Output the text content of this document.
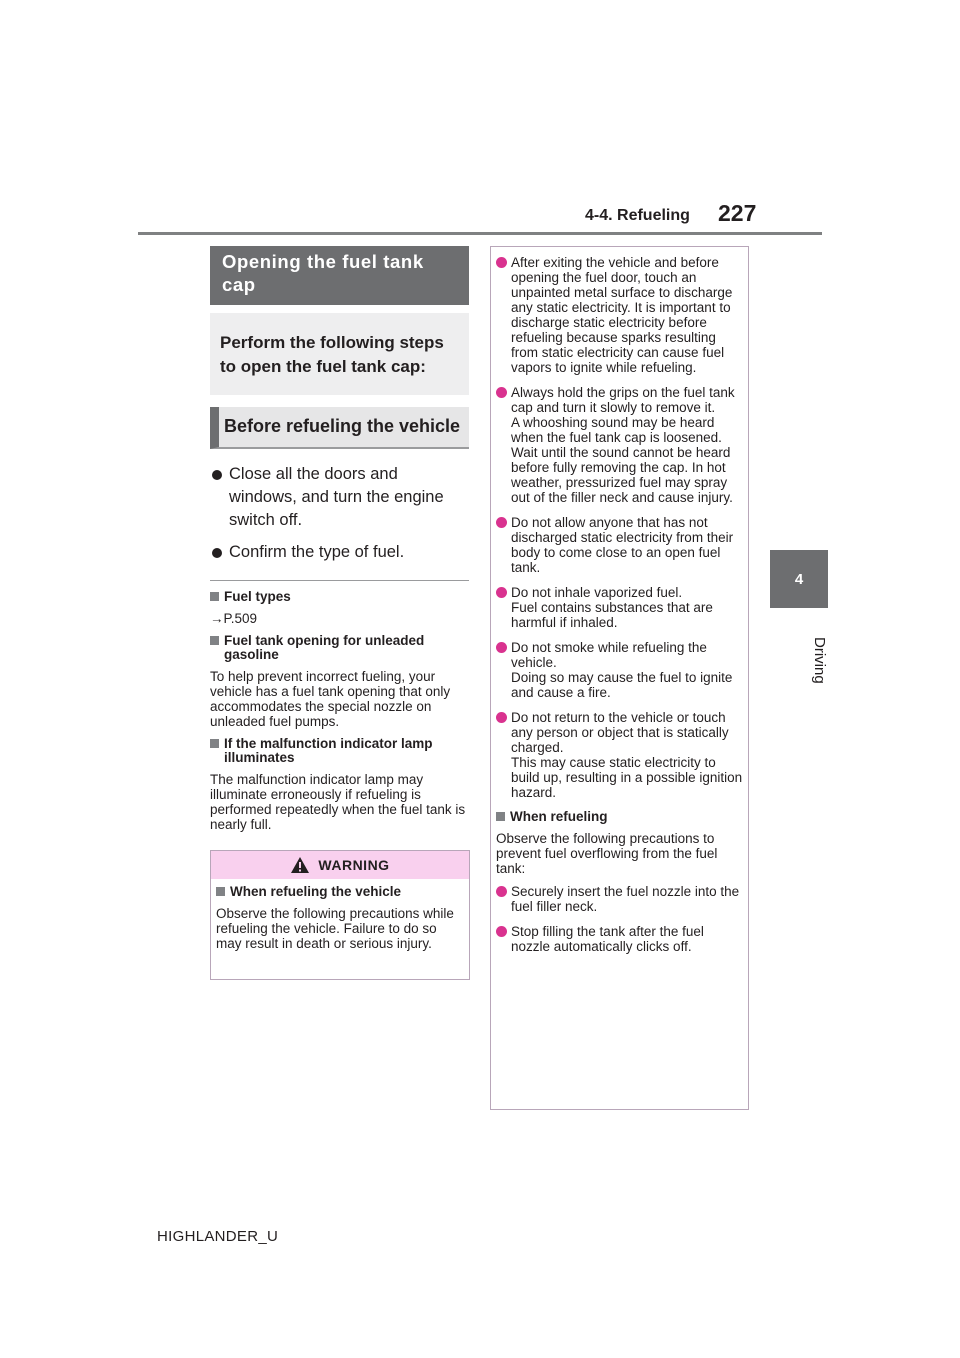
4-4. Refueling 227
4
Driving
Opening the fuel tank cap
Perform the following steps to open the fuel tank cap:
Before refueling the vehicle
Close all the doors and windows, and turn the engine switch off.
Confirm the type of fuel.
Fuel types
→P.509
Fuel tank opening for unleaded gasoline
To help prevent incorrect fueling, your vehicle has a fuel tank opening that only accommodates the special nozzle on unleaded fuel pumps.
If the malfunction indicator lamp illuminates
The malfunction indicator lamp may illuminate erroneously if refueling is performed repeatedly when the fuel tank is nearly full.
WARNING
When refueling the vehicle
Observe the following precautions while refueling the vehicle. Failure to do so may result in death or serious injury.
After exiting the vehicle and before opening the fuel door, touch an unpainted metal surface to discharge any static electricity. It is important to discharge static electricity before refueling because sparks resulting from static electricity can cause fuel vapors to ignite while refueling.
Always hold the grips on the fuel tank cap and turn it slowly to remove it.
A whooshing sound may be heard when the fuel tank cap is loosened. Wait until the sound cannot be heard before fully removing the cap. In hot weather, pressurized fuel may spray out of the filler neck and cause injury.
Do not allow anyone that has not discharged static electricity from their body to come close to an open fuel tank.
Do not inhale vaporized fuel.
Fuel contains substances that are harmful if inhaled.
Do not smoke while refueling the vehicle.
Doing so may cause the fuel to ignite and cause a fire.
Do not return to the vehicle or touch any person or object that is statically charged.
This may cause static electricity to build up, resulting in a possible ignition hazard.
When refueling
Observe the following precautions to prevent fuel overflowing from the fuel tank:
Securely insert the fuel nozzle into the fuel filler neck.
Stop filling the tank after the fuel nozzle automatically clicks off.
HIGHLANDER_U
